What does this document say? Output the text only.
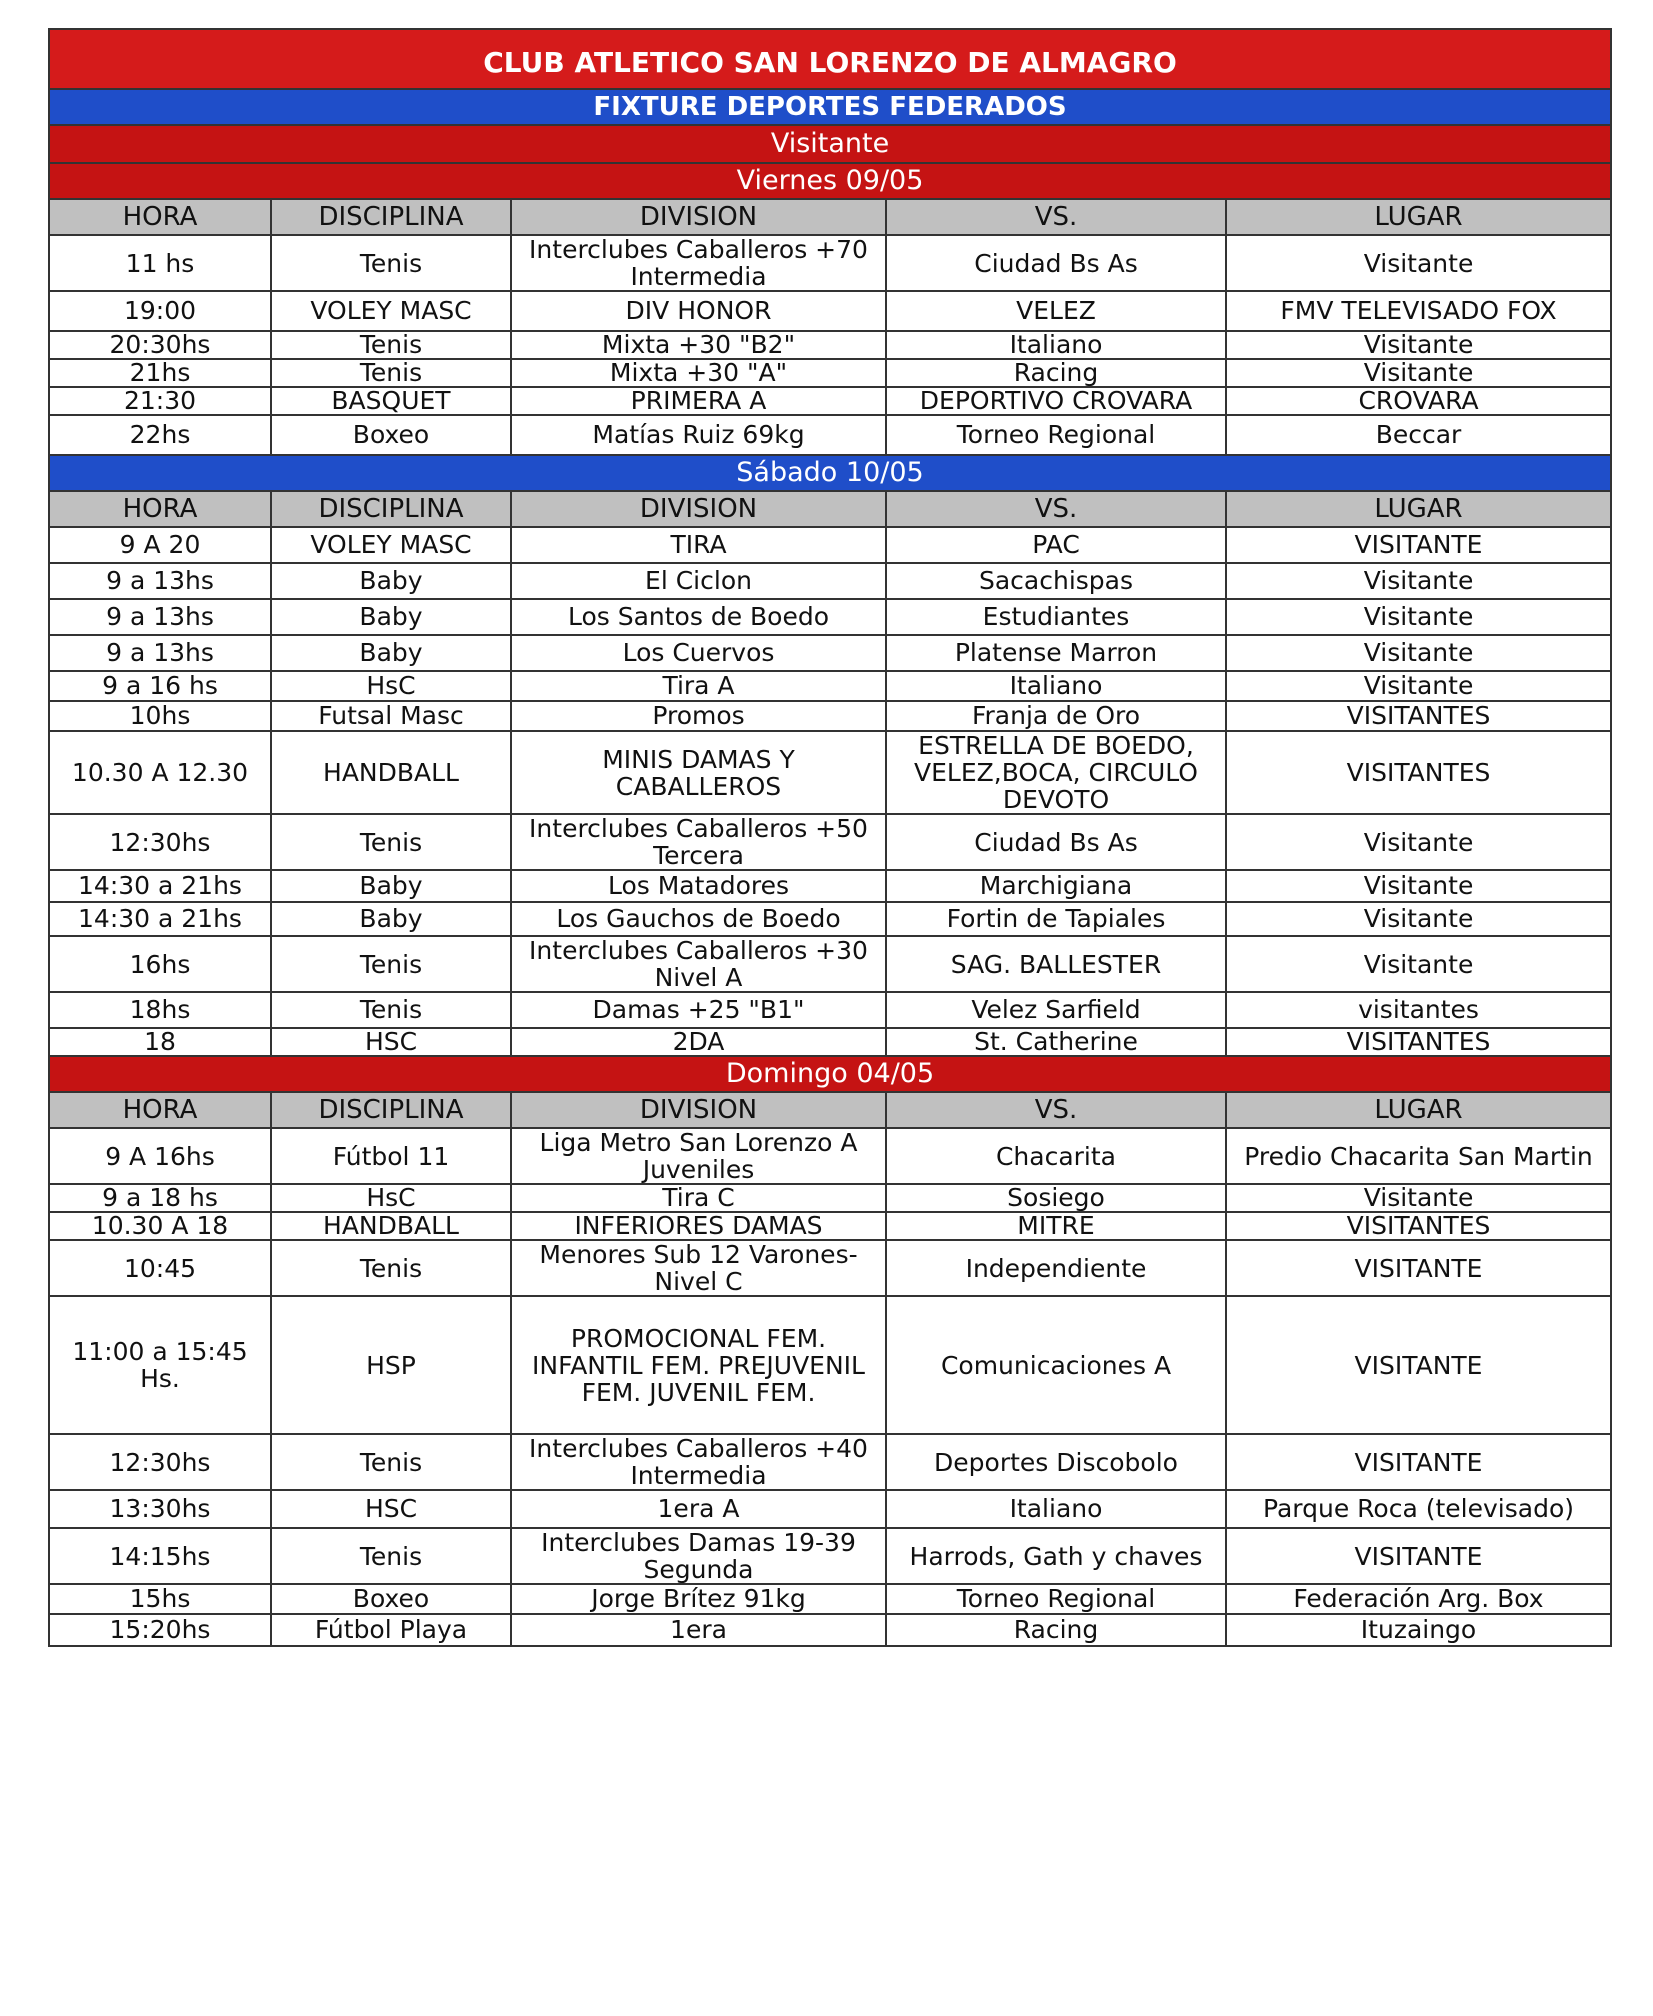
CLUB ATLETICO SAN LORENZO DE ALMAGRO				
FIXTURE DEPORTES FEDERADOS				
Visitante				
Viernes 09/05				
HORA	DISCIPLINA	DIVISION	VS.	LUGAR
11 hs	Tenis	Interclubes Caballeros +70 Intermedia	Ciudad Bs As	Visitante
19:00	VOLEY MASC	DIV HONOR	VELEZ	FMV TELEVISADO FOX
20:30hs	Tenis	Mixta +30 "B2"	Italiano	Visitante
21hs	Tenis	Mixta +30 "A"	Racing	Visitante
21:30	BASQUET	PRIMERA A	DEPORTIVO CROVARA	CROVARA
22hs	Boxeo	Matías Ruiz 69kg	Torneo Regional	Beccar
Sábado 10/05				
HORA	DISCIPLINA	DIVISION	VS.	LUGAR
9 A 20	VOLEY MASC	TIRA	PAC	VISITANTE
9 a 13hs	Baby	El Ciclon	Sacachispas	Visitante
9 a 13hs	Baby	Los Santos de Boedo	Estudiantes	Visitante
9 a 13hs	Baby	Los Cuervos	Platense Marron	Visitante
9 a 16 hs	HsC	Tira A	Italiano	Visitante
10hs	Futsal Masc	Promos	Franja de Oro	VISITANTES
10.30 A 12.30	HANDBALL	MINIS DAMAS Y CABALLEROS	ESTRELLA DE BOEDO, VELEZ,BOCA, CIRCULO DEVOTO	VISITANTES
12:30hs	Tenis	Interclubes Caballeros +50 Tercera	Ciudad Bs As	Visitante
14:30 a 21hs	Baby	Los Matadores	Marchigiana	Visitante
14:30 a 21hs	Baby	Los Gauchos de Boedo	Fortin de Tapiales	Visitante
16hs	Tenis	Interclubes Caballeros +30 Nivel A	SAG. BALLESTER	Visitante
18hs	Tenis	Damas +25 "B1"	Velez Sarfield	visitantes
18	HSC	2DA	St. Catherine	VISITANTES
Domingo 04/05				
HORA	DISCIPLINA	DIVISION	VS.	LUGAR
9 A 16hs	Fútbol 11	Liga Metro San Lorenzo A Juveniles	Chacarita	Predio Chacarita San Martin
9 a 18 hs	HsC	Tira C	Sosiego	Visitante
10.30 A 18	HANDBALL	INFERIORES DAMAS	MITRE	VISITANTES
10:45	Tenis	Menores Sub 12 Varones-Nivel C	Independiente	VISITANTE
11:00 a 15:45 Hs.	HSP	PROMOCIONAL FEM. INFANTIL FEM. PREJUVENIL FEM. JUVENIL FEM.	Comunicaciones A	VISITANTE
12:30hs	Tenis	Interclubes Caballeros +40 Intermedia	Deportes Discobolo	VISITANTE
13:30hs	HSC	1era A	Italiano	Parque Roca (televisado)
14:15hs	Tenis	Interclubes Damas 19-39 Segunda	Harrods, Gath y chaves	VISITANTE
15hs	Boxeo	Jorge Brítez 91kg	Torneo Regional	Federación Arg. Box
15:20hs	Fútbol Playa	1era	Racing	Ituzaingo
